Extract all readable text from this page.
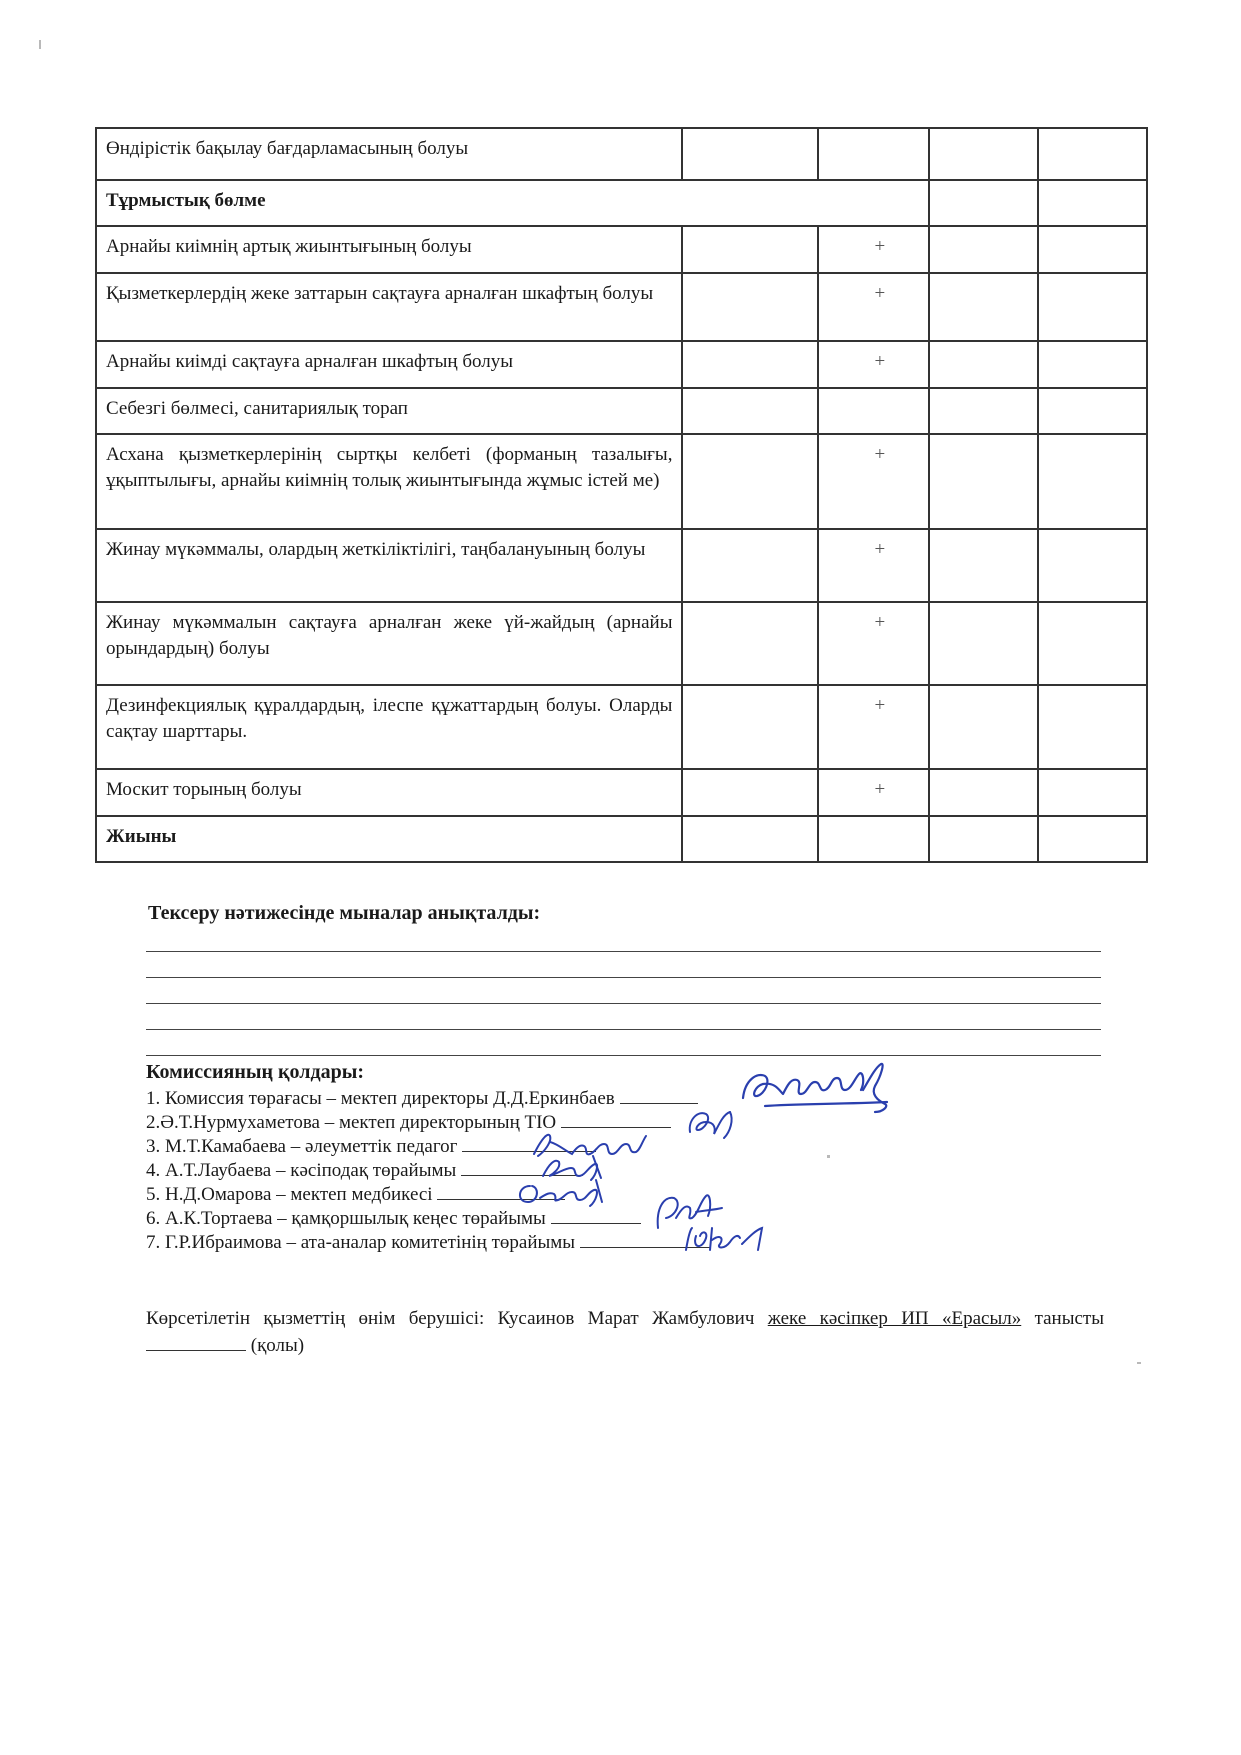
Өндірістік бақылау бағдарламасының болуы				
Тұрмыстық бөлме				
Арнайы киімнің артық жиынтығының болуы		+		
Қызметкерлердің жеке заттарын сақтауға арналған шкафтың болуы		+		
Арнайы киімді сақтауға арналған шкафтың болуы		+		
Себезгі бөлмесі, санитариялық торап				
Асхана қызметкерлерінің сыртқы келбеті (форманың тазалығы, ұқыптылығы, арнайы киімнің толық жиынтығында жұмыс істей ме)		+		
Жинау мүкәммалы, олардың жеткіліктілігі, таңбалануының болуы		+		
Жинау мүкәммалын сақтауға арналған жеке үй-жайдың (арнайы орындардың) болуы		+		
Дезинфекциялық құралдардың, ілеспе құжаттардың болуы. Оларды сақтау шарттары.		+		
Москит торының болуы		+		
Жиыны				
Тексеру нәтижесінде мыналар анықталды:
Комиссияның қолдары:
1. Комиссия төрағасы – мектеп директоры Д.Д.Еркинбаев
2.Ә.Т.Нурмухаметова – мектеп директорының ТІО
3. М.Т.Камабаева – әлеуметтік педагог
4. А.Т.Лаубаева – кәсіподақ төрайымы
5. Н.Д.Омарова – мектеп медбикесі
6. А.К.Тортаева – қамқоршылық кеңес төрайымы
7. Г.Р.Ибраимова – ата-аналар комитетінің төрайымы
Көрсетілетін қызметтің өнім берушісі: Кусаинов Марат Жамбулович жеке кәсіпкер ИП «Ерасыл» танысты  (қолы)
